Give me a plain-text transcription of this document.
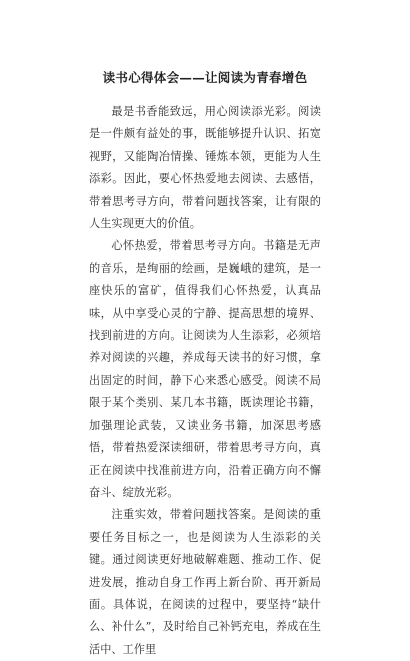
读书心得体会——让阅读为青春增色

最是书香能致远，用心阅读添光彩。阅读是一件颇有益处的事，既能够提升认识、拓宽视野，又能陶冶情操、锤炼本领，更能为人生添彩。因此，要心怀热爱地去阅读、去感悟，带着思考寻方向，带着问题找答案，让有限的人生实现更大的价值。

心怀热爱，带着思考寻方向。书籍是无声的音乐，是绚丽的绘画，是巍峨的建筑，是一座快乐的富矿，值得我们心怀热爱，认真品味，从中享受心灵的宁静、提高思想的境界、找到前进的方向。让阅读为人生添彩，必须培养对阅读的兴趣，养成每天读书的好习惯，拿出固定的时间，静下心来悉心感受。阅读不局限于某个类别、某几本书籍，既读理论书籍，加强理论武装，又读业务书籍，加深思考感悟，带着热爱深读细研，带着思考寻方向，真正在阅读中找准前进方向，沿着正确方向不懈奋斗、绽放光彩。

注重实效，带着问题找答案。是阅读的重要任务目标之一，也是阅读为人生添彩的关键。通过阅读更好地破解难题、推动工作、促进发展，推动自身工作再上新台阶、再开新局面。具体说，在阅读的过程中，要坚持“缺什么、补什么”，及时给自己补钙充电，养成在生活中、工作里
